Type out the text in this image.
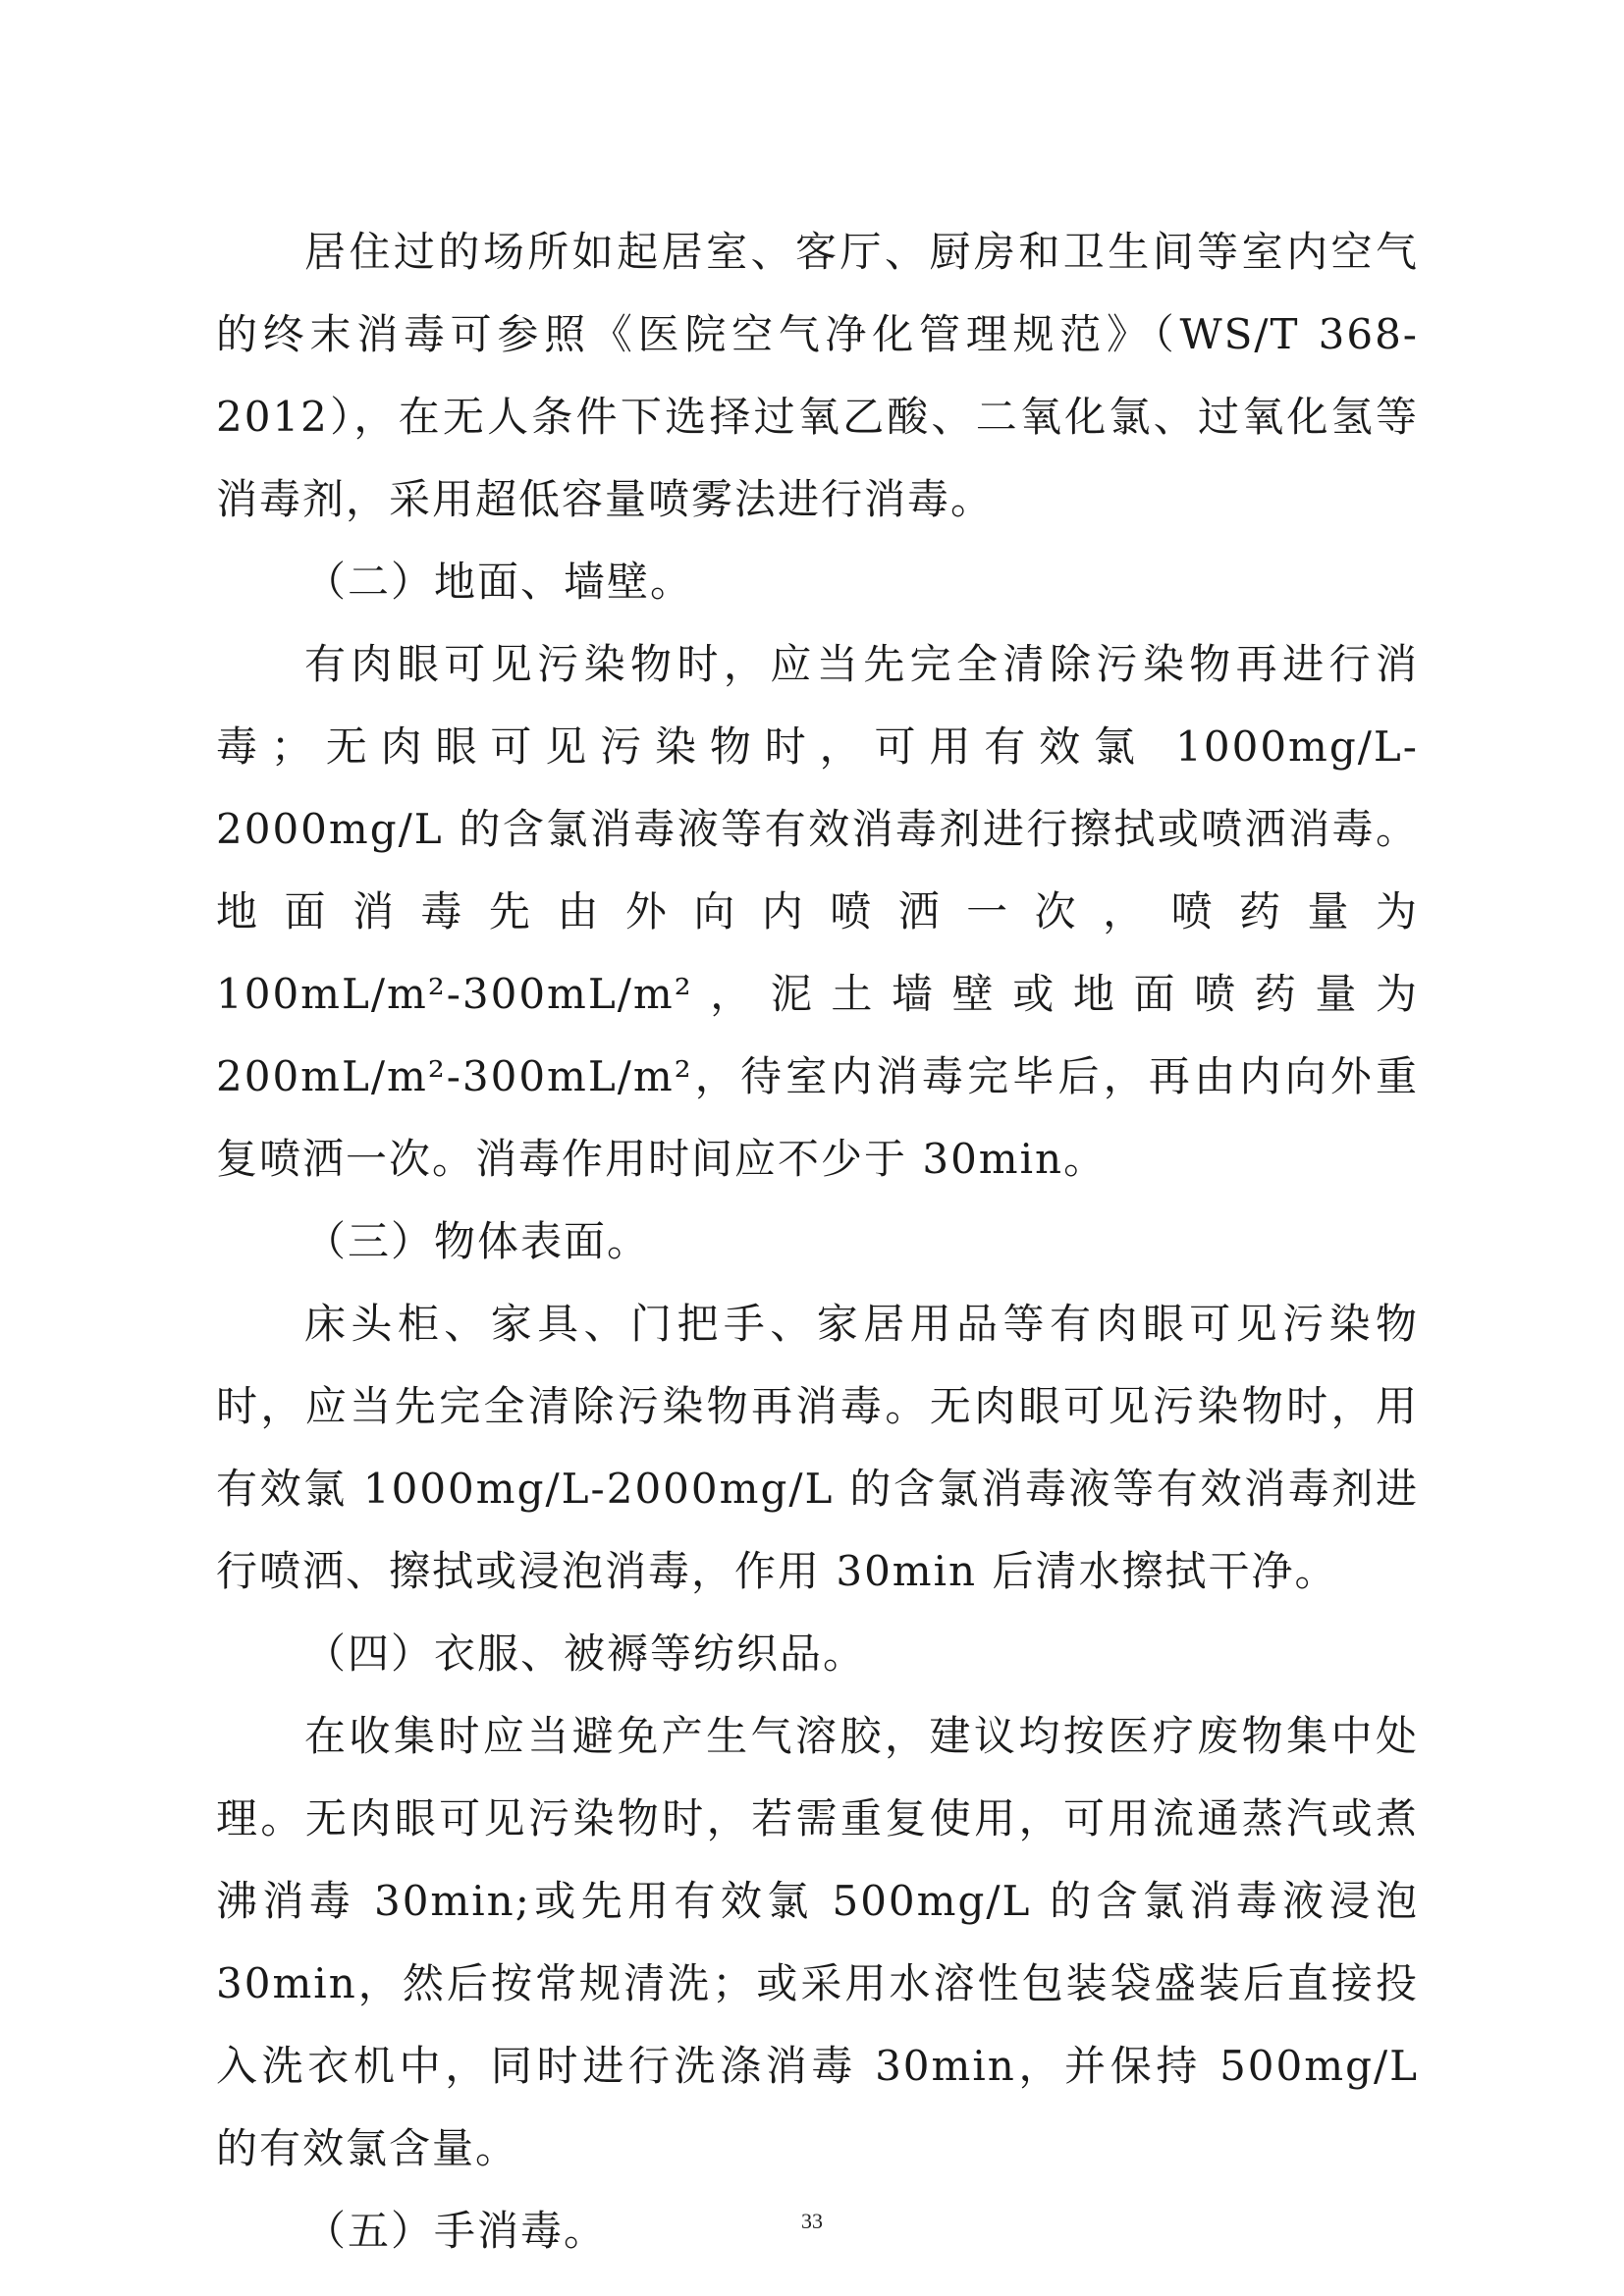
居住过的场所如起居室、客厅、厨房和卫生间等室内空气的终末消毒可参照《医院空气净化管理规范》（WS/T 368-2012），在无人条件下选择过氧乙酸、二氧化氯、过氧化氢等消毒剂，采用超低容量喷雾法进行消毒。

（二）地面、墙壁。

有肉眼可见污染物时，应当先完全清除污染物再进行消毒；无肉眼可见污染物时，可用有效氯 1000mg/L-2000mg/L 的含氯消毒液等有效消毒剂进行擦拭或喷洒消毒。地面消毒先由外向内喷洒一次，喷药量为 100mL/m²-300mL/m²，泥土墙壁或地面喷药量为 200mL/m²-300mL/m²，待室内消毒完毕后，再由内向外重复喷洒一次。消毒作用时间应不少于 30min。

（三）物体表面。

床头柜、家具、门把手、家居用品等有肉眼可见污染物时，应当先完全清除污染物再消毒。无肉眼可见污染物时，用有效氯 1000mg/L-2000mg/L 的含氯消毒液等有效消毒剂进行喷洒、擦拭或浸泡消毒，作用 30min 后清水擦拭干净。

（四）衣服、被褥等纺织品。

在收集时应当避免产生气溶胶，建议均按医疗废物集中处理。无肉眼可见污染物时，若需重复使用，可用流通蒸汽或煮沸消毒 30min;或先用有效氯 500mg/L 的含氯消毒液浸泡 30min，然后按常规清洗；或采用水溶性包装袋盛装后直接投入洗衣机中，同时进行洗涤消毒 30min，并保持 500mg/L 的有效氯含量。

（五）手消毒。	33
